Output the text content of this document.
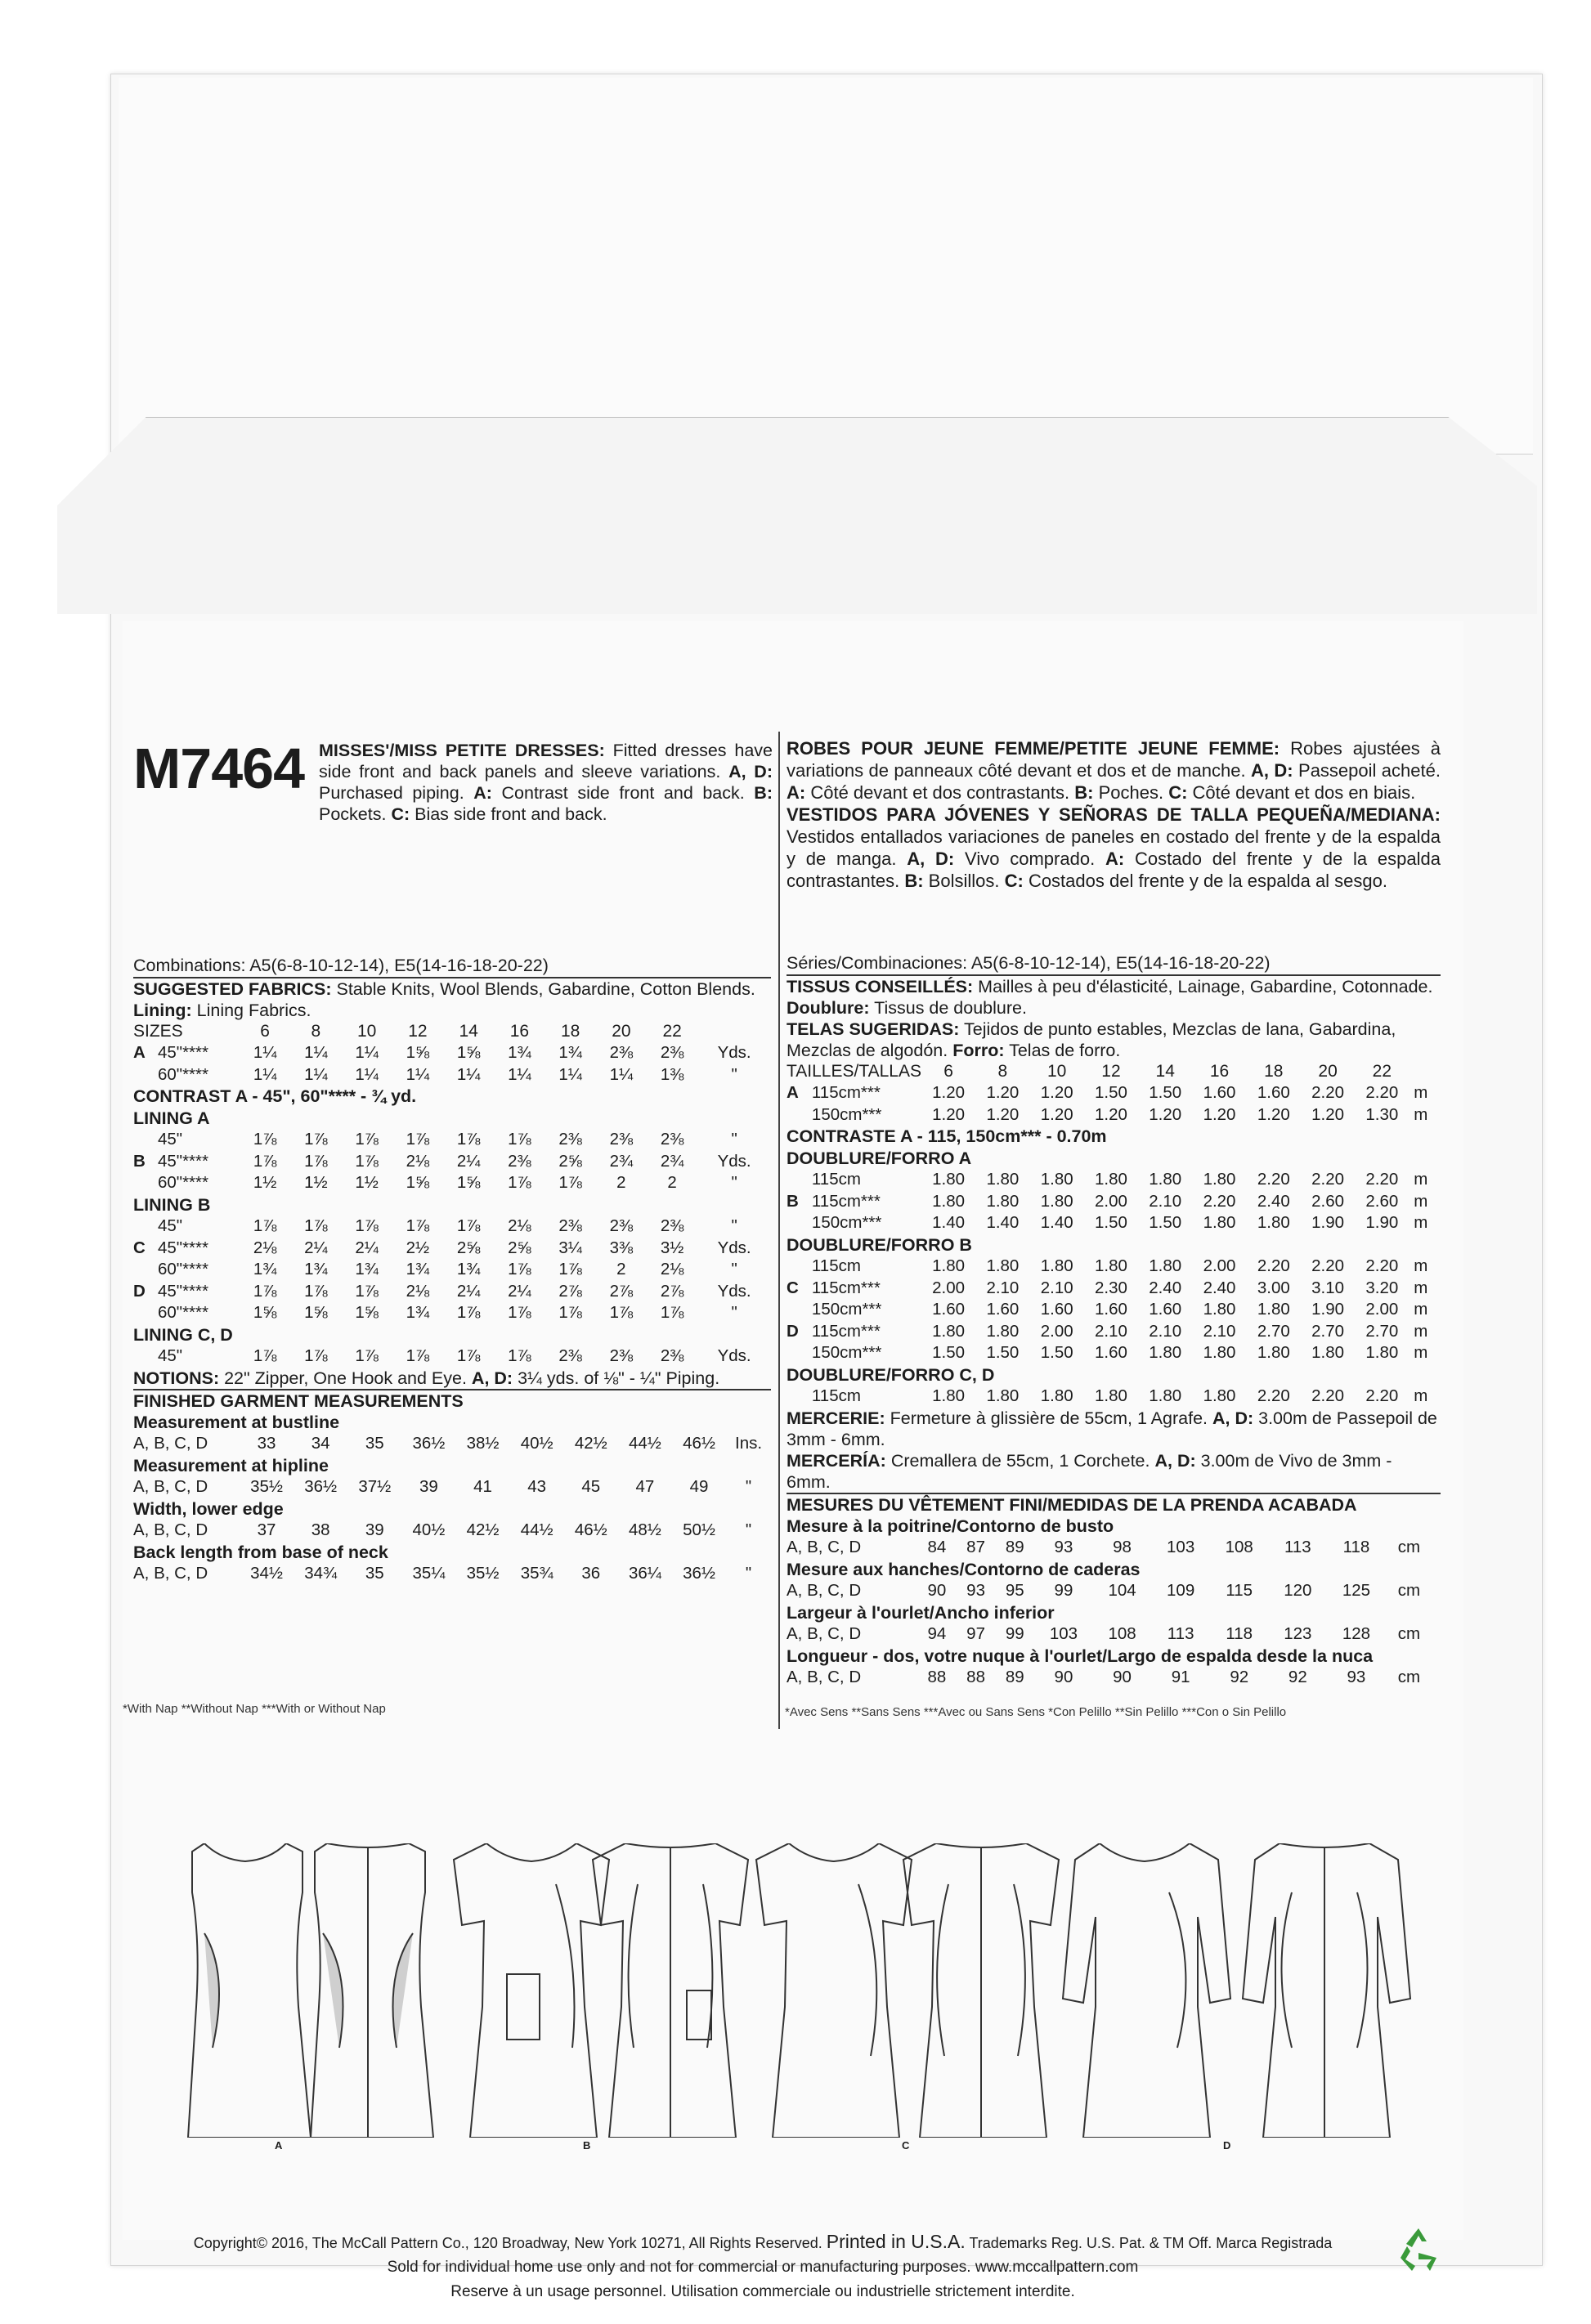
M7464 MISSES'/MISS PETITE DRESSES: Fitted dresses have side front and back panels and sleeve variations. A, D: Purchased piping. A: Contrast side front and back. B: Pockets. C: Bias side front and back.
ROBES POUR JEUNE FEMME/PETITE JEUNE FEMME: Robes ajustées à variations de panneaux côté devant et dos et de manche. A, D: Passepoil acheté. A: Côté devant et dos contrastants. B: Poches. C: Côté devant et dos en biais.
VESTIDOS PARA JÓVENES Y SEÑORAS DE TALLA PEQUEÑA/MEDIANA: Vestidos entallados variaciones de paneles en costado del frente y de la espalda y de manga. A, D: Vivo comprado. A: Costado del frente y de la espalda contrastantes. B: Bolsillos. C: Costados del frente y de la espalda al sesgo.
Combinations: A5(6-8-10-12-14), E5(14-16-18-20-22)
SUGGESTED FABRICS: Stable Knits, Wool Blends, Gabardine, Cotton Blends. Lining: Lining Fabrics.
SIZES		6	8	10	12	14	16	18	20	22	
A	45"****	1¼	1¼	1¼	1⅝	1⅝	1¾	1¾	2⅜	2⅜	Yds.
	60"****	1¼	1¼	1¼	1¼	1¼	1¼	1¼	1¼	1⅜	"
CONTRAST A - 45", 60"**** - ¾ yd.											
LINING A											
	45"	1⅞	1⅞	1⅞	1⅞	1⅞	1⅞	2⅜	2⅜	2⅜	"
B	45"****	1⅞	1⅞	1⅞	2⅛	2¼	2⅜	2⅝	2¾	2¾	Yds.
	60"****	1½	1½	1½	1⅝	1⅝	1⅞	1⅞	2	2	"
LINING B											
	45"	1⅞	1⅞	1⅞	1⅞	1⅞	2⅛	2⅜	2⅜	2⅜	"
C	45"****	2⅛	2¼	2¼	2½	2⅝	2⅝	3¼	3⅜	3½	Yds.
	60"****	1¾	1¾	1¾	1¾	1¾	1⅞	1⅞	2	2⅛	"
D	45"****	1⅞	1⅞	1⅞	2⅛	2¼	2¼	2⅞	2⅞	2⅞	Yds.
	60"****	1⅝	1⅝	1⅝	1¾	1⅞	1⅞	1⅞	1⅞	1⅞	"
LINING C, D											
	45"	1⅞	1⅞	1⅞	1⅞	1⅞	1⅞	2⅜	2⅜	2⅜	Yds.
NOTIONS: 22" Zipper, One Hook and Eye. A, D: 3¼ yds. of ⅛" - ¼" Piping.
FINISHED GARMENT MEASUREMENTS
Measurement at bustline										
A, B, C, D	33	34	35	36½	38½	40½	42½	44½	46½	Ins.
Measurement at hipline										
A, B, C, D	35½	36½	37½	39	41	43	45	47	49	"
Width, lower edge										
A, B, C, D	37	38	39	40½	42½	44½	46½	48½	50½	"
Back length from base of neck										
A, B, C, D	34½	34¾	35	35¼	35½	35¾	36	36¼	36½	"
Séries/Combinaciones: A5(6-8-10-12-14), E5(14-16-18-20-22)
TISSUS CONSEILLÉS: Mailles à peu d'élasticité, Lainage, Gabardine, Cotonnade. Doublure: Tissus de doublure.
TELAS SUGERIDAS: Tejidos de punto estables, Mezclas de lana, Gabardina, Mezclas de algodón. Forro: Telas de forro.
TAILLES/TALLAS		6	8	10	12	14	16	18	20	22	
A	115cm***	1.20	1.20	1.20	1.50	1.50	1.60	1.60	2.20	2.20	m
	150cm***	1.20	1.20	1.20	1.20	1.20	1.20	1.20	1.20	1.30	m
CONTRASTE A - 115, 150cm*** - 0.70m											
DOUBLURE/FORRO A											
	115cm	1.80	1.80	1.80	1.80	1.80	1.80	2.20	2.20	2.20	m
B	115cm***	1.80	1.80	1.80	2.00	2.10	2.20	2.40	2.60	2.60	m
	150cm***	1.40	1.40	1.40	1.50	1.50	1.80	1.80	1.90	1.90	m
DOUBLURE/FORRO B											
	115cm	1.80	1.80	1.80	1.80	1.80	2.00	2.20	2.20	2.20	m
C	115cm***	2.00	2.10	2.10	2.30	2.40	2.40	3.00	3.10	3.20	m
	150cm***	1.60	1.60	1.60	1.60	1.60	1.80	1.80	1.90	2.00	m
D	115cm***	1.80	1.80	2.00	2.10	2.10	2.10	2.70	2.70	2.70	m
	150cm***	1.50	1.50	1.50	1.60	1.80	1.80	1.80	1.80	1.80	m
DOUBLURE/FORRO C, D											
	115cm	1.80	1.80	1.80	1.80	1.80	1.80	2.20	2.20	2.20	m
MERCERIE: Fermeture à glissière de 55cm, 1 Agrafe. A, D: 3.00m de Passepoil de 3mm - 6mm.
MERCERÍA: Cremallera de 55cm, 1 Corchete. A, D: 3.00m de Vivo de 3mm - 6mm.
MESURES DU VÊTEMENT FINI/MEDIDAS DE LA PRENDA ACABADA
Mesure à la poitrine/Contorno de busto										
A, B, C, D	84	87	89	93	98	103	108	113	118	cm
Mesure aux hanches/Contorno de caderas										
A, B, C, D	90	93	95	99	104	109	115	120	125	cm
Largeur à l'ourlet/Ancho inferior										
A, B, C, D	94	97	99	103	108	113	118	123	128	cm
Longueur - dos, votre nuque à l'ourlet/Largo de espalda desde la nuca										
A, B, C, D	88	88	89	90	90	91	92	92	93	cm
*With Nap **Without Nap ***With or Without Nap	*Avec Sens **Sans Sens ***Avec ou Sans Sens *Con Pelillo **Sin Pelillo ***Con o Sin Pelillo
A	B	C	D
Copyright© 2016, The McCall Pattern Co., 120 Broadway, New York 10271, All Rights Reserved. Printed in U.S.A. Trademarks Reg. U.S. Pat. & TM Off. Marca Registrada
Sold for individual home use only and not for commercial or manufacturing purposes. www.mccallpattern.com
Reserve à un usage personnel. Utilisation commerciale ou industrielle strictement interdite.
